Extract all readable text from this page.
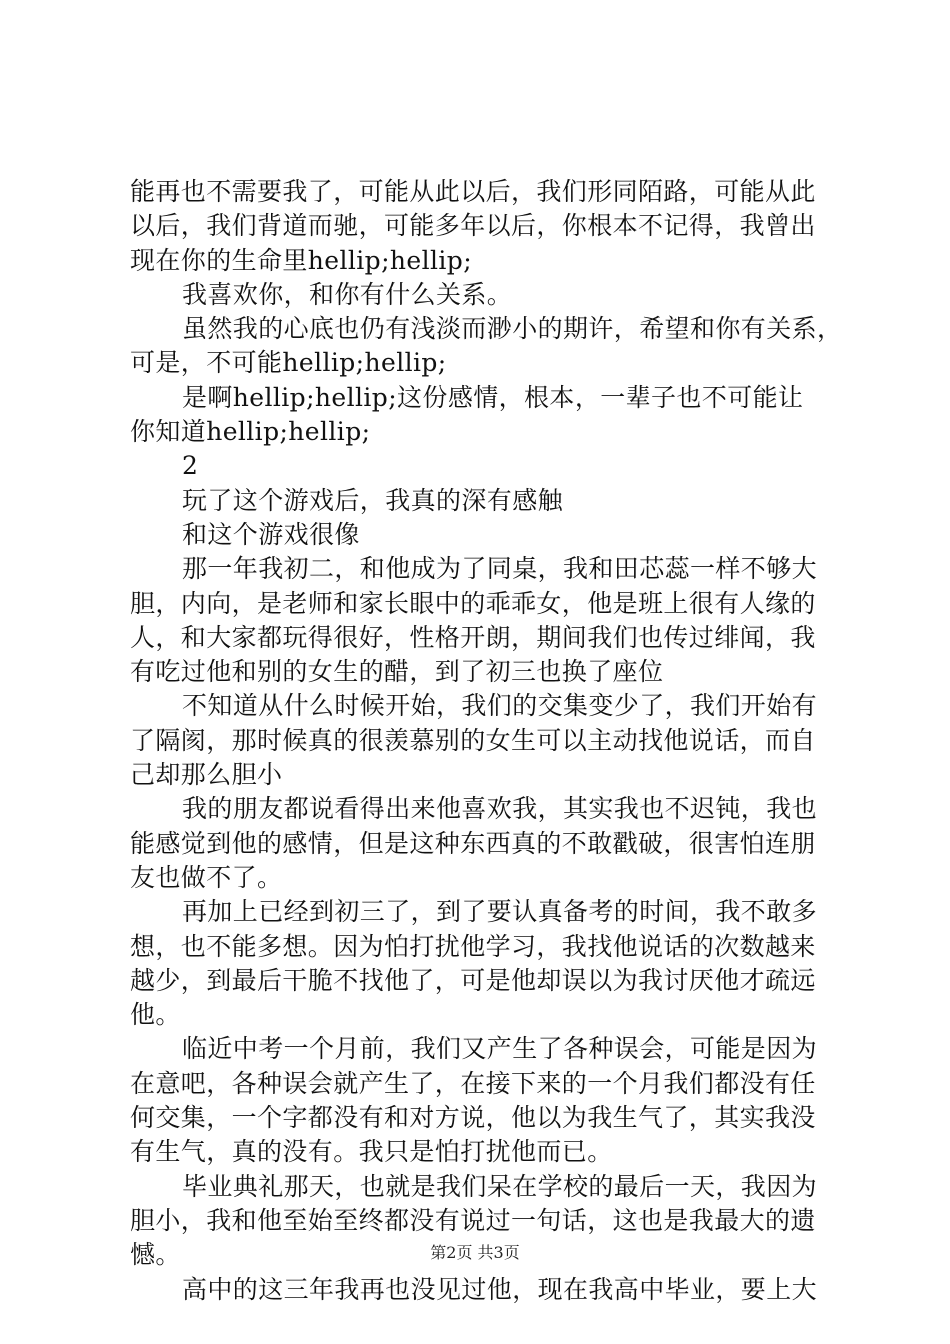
能再也不需要我了，可能从此以后，我们形同陌路，可能从此
以后，我们背道而驰，可能多年以后，你根本不记得，我曾出
现在你的生命里hellip;hellip;
我喜欢你，和你有什么关系。
虽然我的心底也仍有浅淡而渺小的期许，希望和你有关系，
可是，不可能hellip;hellip;
是啊hellip;hellip;这份感情，根本，一辈子也不可能让
你知道hellip;hellip;
2
玩了这个游戏后，我真的深有感触
和这个游戏很像
那一年我初二，和他成为了同桌，我和田芯蕊一样不够大
胆，内向，是老师和家长眼中的乖乖女，他是班上很有人缘的
人，和大家都玩得很好，性格开朗，期间我们也传过绯闻，我
有吃过他和别的女生的醋，到了初三也换了座位
不知道从什么时候开始，我们的交集变少了，我们开始有
了隔阂，那时候真的很羡慕别的女生可以主动找他说话，而自
己却那么胆小
我的朋友都说看得出来他喜欢我，其实我也不迟钝，我也
能感觉到他的感情，但是这种东西真的不敢戳破，很害怕连朋
友也做不了。
再加上已经到初三了，到了要认真备考的时间，我不敢多
想，也不能多想。因为怕打扰他学习，我找他说话的次数越来
越少，到最后干脆不找他了，可是他却误以为我讨厌他才疏远
他。
临近中考一个月前，我们又产生了各种误会，可能是因为
在意吧，各种误会就产生了，在接下来的一个月我们都没有任
何交集，一个字都没有和对方说，他以为我生气了，其实我没
有生气，真的没有。我只是怕打扰他而已。
毕业典礼那天，也就是我们呆在学校的最后一天，我因为
胆小，我和他至始至终都没有说过一句话，这也是我最大的遗
憾。
高中的这三年我再也没见过他，现在我高中毕业，要上大
第2页 共3页
